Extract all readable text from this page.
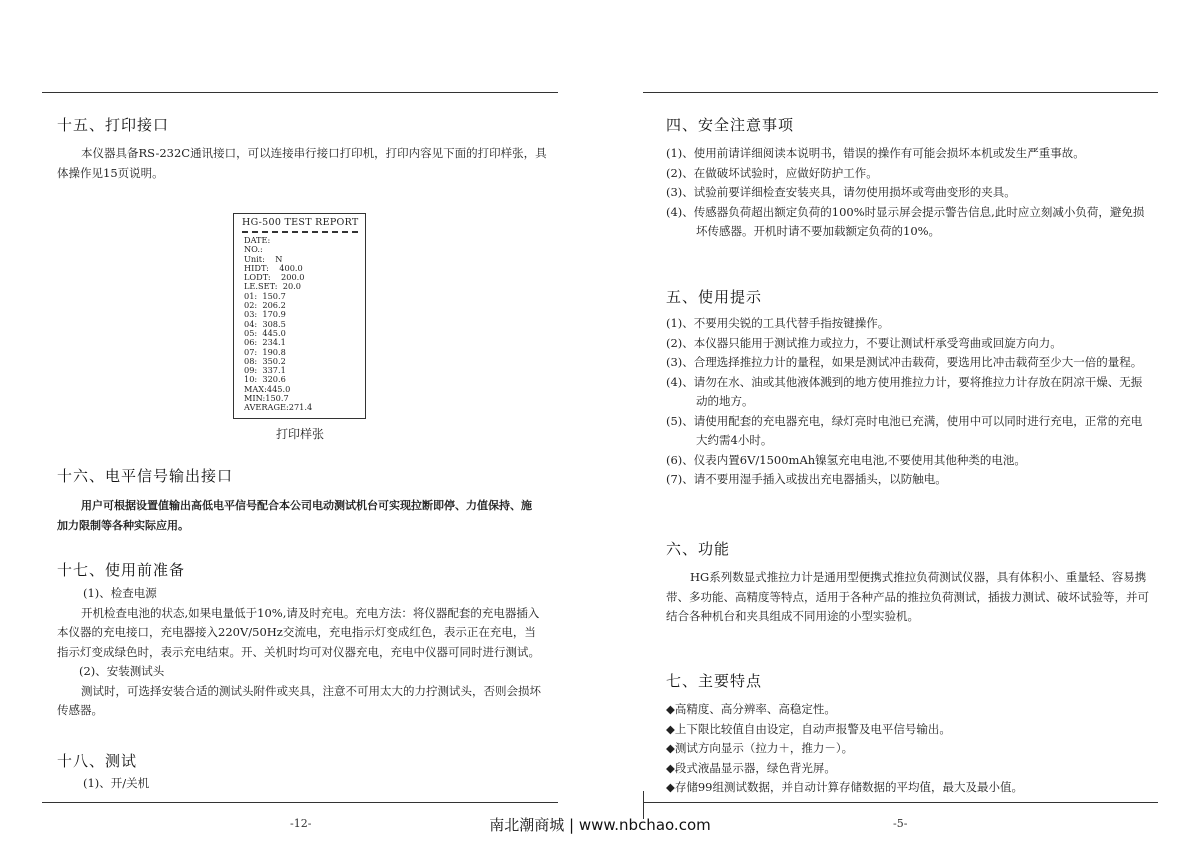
十五、打印接口

本仪器具备RS-232C通讯接口，可以连接串行接口打印机，打印内容见下面的打印样张，具体操作见15页说明。

HG-500 TEST REPORT
DATE:
NO.:
Unit:    N
HIDT:    400.0
LODT:    200.0
LE.SET:  20.0
01:  150.7
02:  206.2
03:  170.9
04:  308.5
05:  445.0
06:  234.1
07:  190.8
08:  350.2
09:  337.1
10:  320.6
MAX:445.0
MIN:150.7
AVERAGE:271.4
打印样张
十六、电平信号输出接口

用户可根据设置值输出高低电平信号配合本公司电动测试机台可实现拉断即停、力值保持、施加力限制等各种实际应用。

十七、使用前准备

(1)、检查电源

开机检查电池的状态,如果电量低于10%,请及时充电。充电方法：将仪器配套的充电器插入本仪器的充电接口，充电器接入220V/50Hz交流电，充电指示灯变成红色，表示正在充电，当指示灯变成绿色时，表示充电结束。开、关机时均可对仪器充电，充电中仪器可同时进行测试。

(2)、安装测试头

测试时，可选择安装合适的测试头附件或夹具，注意不可用太大的力拧测试头，否则会损坏传感器。

十八、测试

(1)、开/关机

-12-
四、安全注意事项
(1)、使用前请详细阅读本说明书，错误的操作有可能会损坏本机或发生严重事故。
(2)、在做破坏试验时，应做好防护工作。
(3)、试验前要详细检查安装夹具，请勿使用损坏或弯曲变形的夹具。
(4)、传感器负荷超出额定负荷的100%时显示屏会提示警告信息,此时应立刻减小负荷，避免损坏传感器。开机时请不要加载额定负荷的10%。
五、使用提示
(1)、不要用尖锐的工具代替手指按键操作。
(2)、本仪器只能用于测试推力或拉力，不要让测试杆承受弯曲或回旋方向力。
(3)、合理选择推拉力计的量程，如果是测试冲击载荷，要选用比冲击载荷至少大一倍的量程。
(4)、请勿在水、油或其他液体溅到的地方使用推拉力计，要将推拉力计存放在阴凉干燥、无振动的地方。
(5)、请使用配套的充电器充电，绿灯亮时电池已充满，使用中可以同时进行充电，正常的充电大约需4小时。
(6)、仪表内置6V/1500mAh镍氢充电电池,不要使用其他种类的电池。
(7)、请不要用湿手插入或拔出充电器插头，以防触电。
六、功能

HG系列数显式推拉力计是通用型便携式推拉负荷测试仪器，具有体积小、重量轻、容易携带、多功能、高精度等特点，适用于各种产品的推拉负荷测试，插拔力测试、破坏试验等，并可结合各种机台和夹具组成不同用途的小型实验机。

七、主要特点
◆高精度、高分辨率、高稳定性。
◆上下限比较值自由设定，自动声报警及电平信号输出。
◆测试方向显示（拉力＋，推力－）。
◆段式液晶显示器，绿色背光屏。
◆存储99组测试数据，并自动计算存储数据的平均值，最大及最小值。
-5-
南北潮商城 | www.nbchao.com
